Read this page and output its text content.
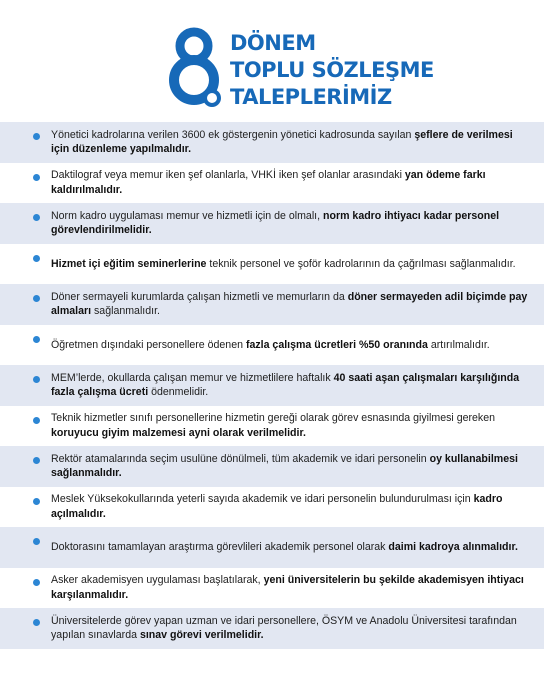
DÖNEM
TOPLU SÖZLEŞME
TALEPLERİMİZ
Yönetici kadrolarına verilen 3600 ek göstergenin yönetici kadrosunda sayılan şeflere de verilmesi için düzenleme yapılmalıdır.
Daktilograf veya memur iken şef olanlarla, VHKİ iken şef olanlar arasındaki yan ödeme farkı kaldırılmalıdır.
Norm kadro uygulaması memur ve hizmetli için de olmalı, norm kadro ihtiyacı kadar personel görevlendirilmelidir.
Hizmet içi eğitim seminerlerine teknik personel ve şoför kadrolarının da çağrılması sağlanmalıdır.
Döner sermayeli kurumlarda çalışan hizmetli ve memurların da döner sermayeden adil biçimde pay almaları sağlanmalıdır.
Öğretmen dışındaki personellere ödenen fazla çalışma ücretleri %50 oranında artırılmalıdır.
MEM’lerde, okullarda çalışan memur ve hizmetlilere haftalık 40 saati aşan çalışmaları karşılığında fazla çalışma ücreti ödenmelidir.
Teknik hizmetler sınıfı personellerine hizmetin gereği olarak görev esnasında giyilmesi gereken koruyucu giyim malzemesi ayni olarak verilmelidir.
Rektör atamalarında seçim usulüne dönülmeli, tüm akademik ve idari personelin oy kullanabilmesi sağlanmalıdır.
Meslek Yüksekokullarında yeterli sayıda akademik ve idari personelin bulundurulması için kadro açılmalıdır.
Doktorasını tamamlayan araştırma görevlileri akademik personel olarak daimi kadroya alınmalıdır.
Asker akademisyen uygulaması başlatılarak, yeni üniversitelerin bu şekilde akademisyen ihtiyacı karşılanmalıdır.
Üniversitelerde görev yapan uzman ve idari personellere, ÖSYM ve Anadolu Üniversitesi tarafından yapılan sınavlarda sınav görevi verilmelidir.
